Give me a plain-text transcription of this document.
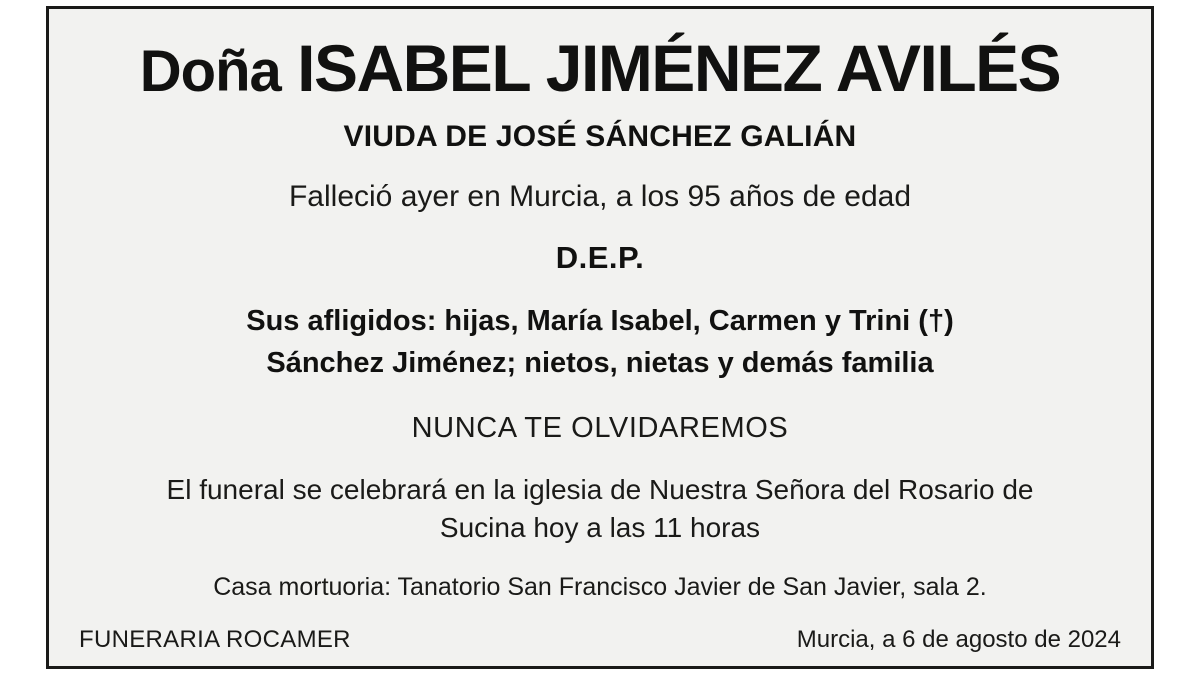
Doña ISABEL JIMÉNEZ AVILÉS
VIUDA DE JOSÉ SÁNCHEZ GALIÁN
Falleció ayer en Murcia, a los 95 años de edad
D.E.P.
Sus afligidos: hijas, María Isabel, Carmen y Trini (†)
Sánchez Jiménez; nietos, nietas y demás familia
NUNCA TE OLVIDAREMOS
El funeral se celebrará en la iglesia de Nuestra Señora del Rosario de
Sucina hoy a las 11 horas
Casa mortuoria: Tanatorio San Francisco Javier de San Javier, sala 2.
FUNERARIA ROCAMER	Murcia, a 6 de agosto de 2024
